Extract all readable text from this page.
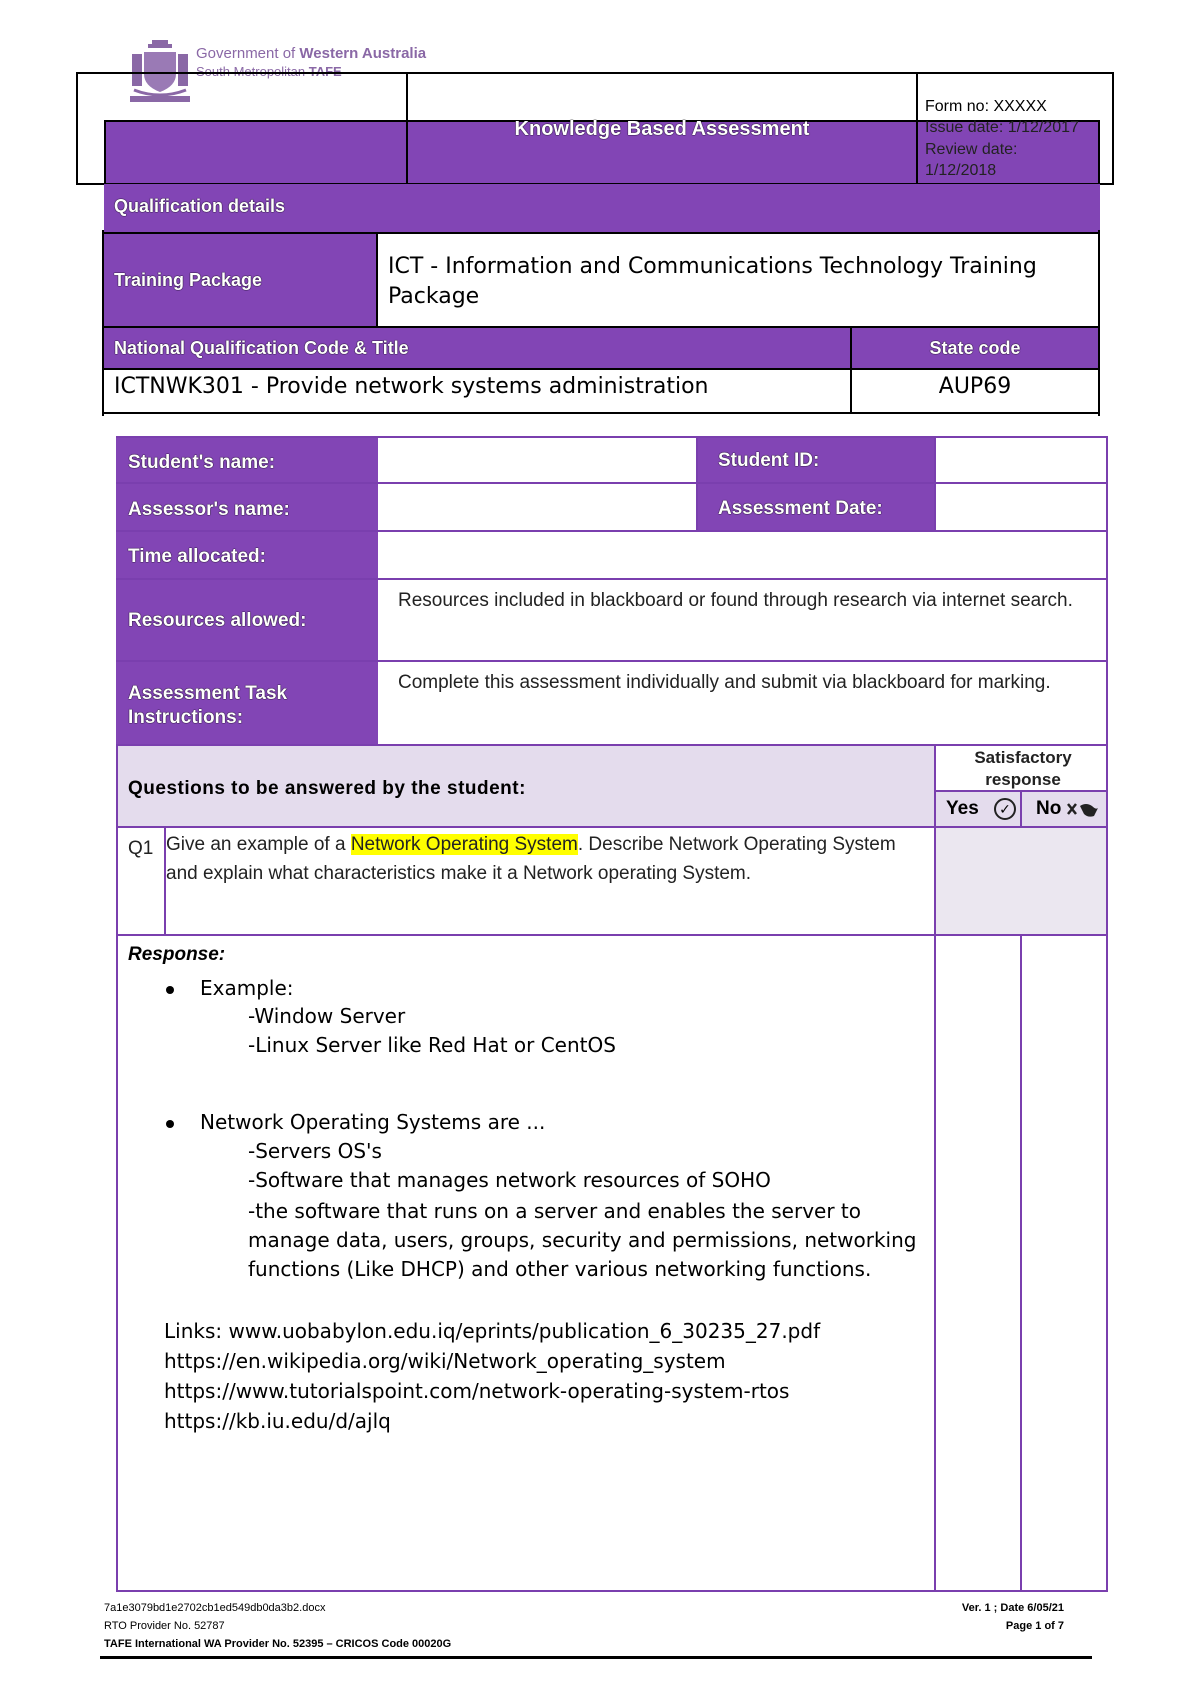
Government of Western Australia
Knowledge Based Assessment
Form no: XXXXX
Issue date: 1/12/2017
Review date:
1/12/2018
Qualification details
Training Package
ICT - Information and Communications Technology Training Package
National Qualification Code & Title	State code
ICTNWK301 - Provide network systems administration	AUP69
Student's name:	Student ID:
Assessor's name:	Assessment Date:
Time allocated:
Resources allowed:
Resources included in blackboard or found through research via internet search.
Assessment Task Instructions:
Complete this assessment individually and submit via blackboard for marking.
Questions to be answered by the student:
Satisfactory response
Yes	✓ No
Q1 Give an example of a Network Operating System. Describe Network Operating System and explain what characteristics make it a Network operating System.
Response:
Example:
-Window Server
-Linux Server like Red Hat or CentOS
Network Operating Systems are ...
-Servers OS's
-Software that manages network resources of SOHO
-the software that runs on a server and enables the server to manage data, users, groups, security and permissions, networking functions (Like DHCP) and other various networking functions.
Links: www.uobabylon.edu.iq/eprints/publication_6_30235_27.pdf
https://en.wikipedia.org/wiki/Network_operating_system
https://www.tutorialspoint.com/network-operating-system-rtos
https://kb.iu.edu/d/ajlq
7a1e3079bd1e2702cb1ed549db0da3b2.docx
RTO Provider No. 52787
TAFE International WA Provider No. 52395 – CRICOS Code 00020G
Ver. 1 ; Date 6/05/21
Page 1 of 7
